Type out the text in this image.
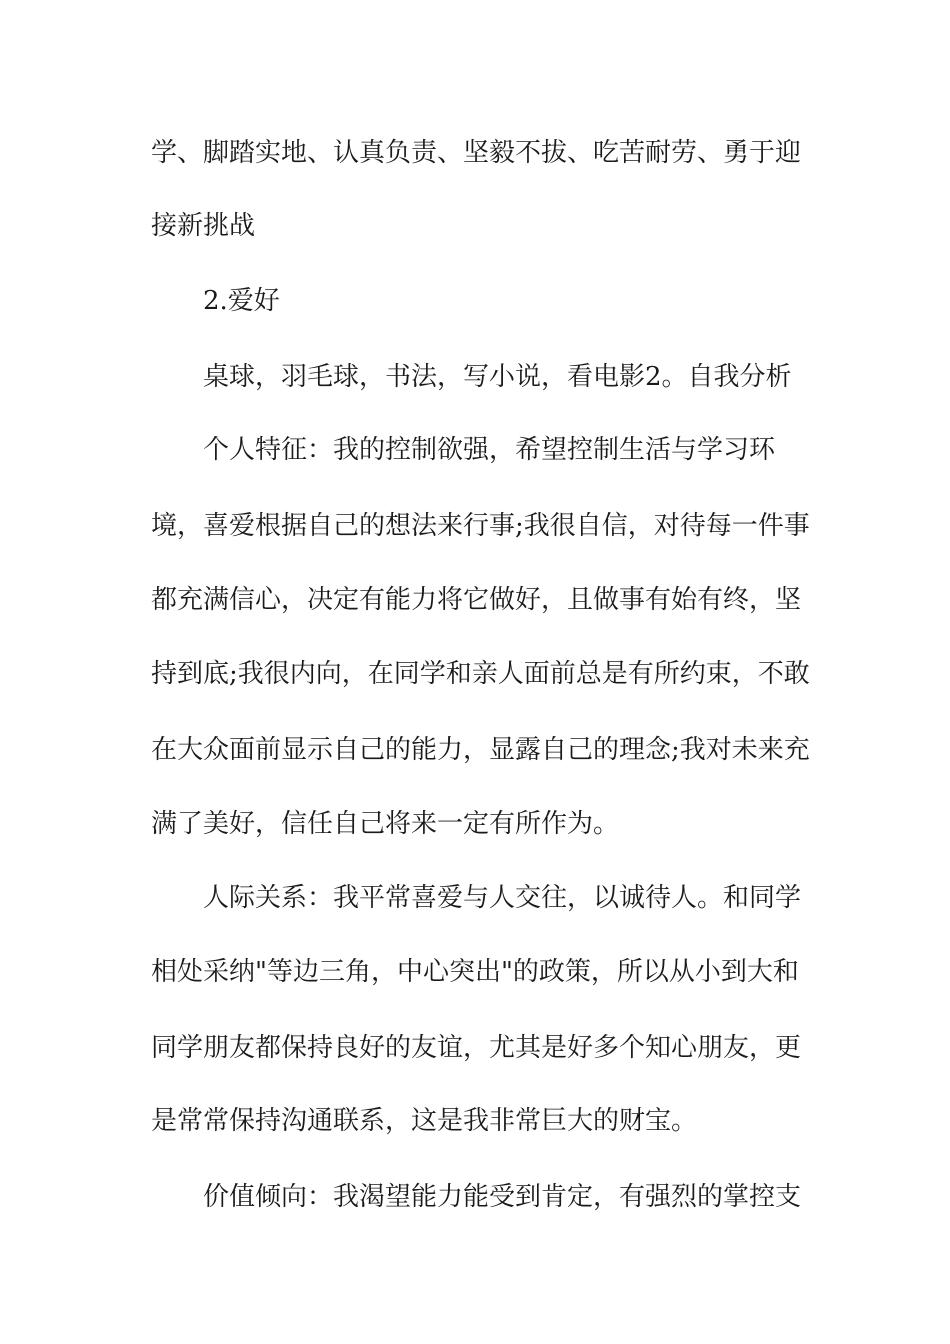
学、脚踏实地、认真负责、坚毅不拔、吃苦耐劳、勇于迎
接新挑战
2.爱好
桌球，羽毛球，书法，写小说，看电影2。自我分析
个人特征：我的控制欲强，希望控制生活与学习环
境，喜爱根据自己的想法来行事;我很自信，对待每一件事
都充满信心，决定有能力将它做好，且做事有始有终，坚
持到底;我很内向，在同学和亲人面前总是有所约束，不敢
在大众面前显示自己的能力，显露自己的理念;我对未来充
满了美好，信任自己将来一定有所作为。
人际关系：我平常喜爱与人交往，以诚待人。和同学
相处采纳"等边三角，中心突出"的政策，所以从小到大和
同学朋友都保持良好的友谊，尤其是好多个知心朋友，更
是常常保持沟通联系，这是我非常巨大的财宝。
价值倾向：我渴望能力能受到肯定，有强烈的掌控支
